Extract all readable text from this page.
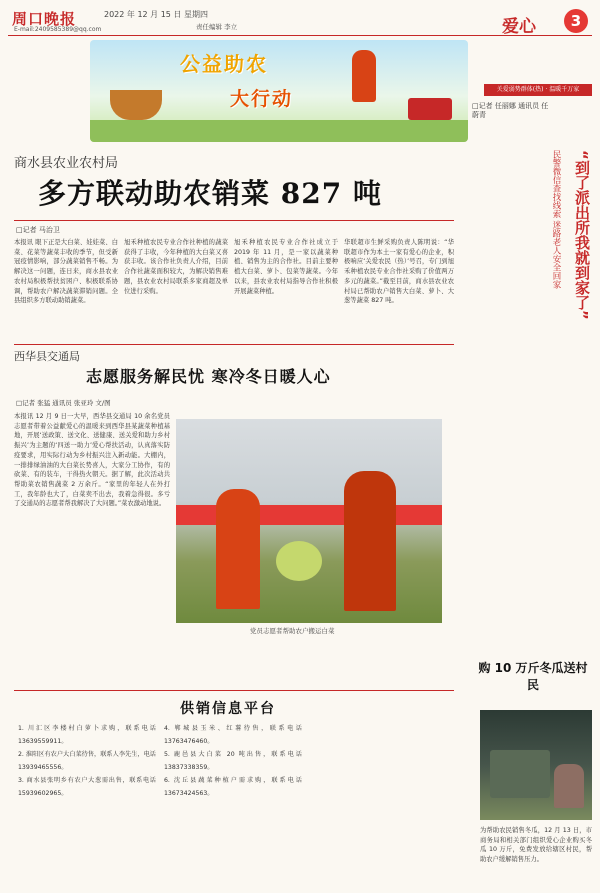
周口晚报	2022 年 12 月 15 日 星期四
E-mail:2409585389@qq.com	爱心	3
责任编辑 李立
公益助农
大行动	关爱弱势群体(热) · 温暖千万家
□记者 任丽娜 通讯员 任蔚青
商水县农业农村局
多方联动助农销菜 827 吨
□记者 马治卫
本报讯 眼下正是大白菜、娃娃菜、白菜、花菜等蔬菜丰收的季节，但受新冠疫情影响，部分蔬菜销售不畅。为解决这一问题，连日来，商水县农业农村局积极帮扶贫困户、积极联系协调，帮助农户解决蔬菜滞销问题。全县组织多方联动助销蔬菜。
旭禾种植农民专业合作社种植的蔬菜获得了丰收，今年种植的大白菜又喜获丰收。该合作社负责人介绍，目前合作社蔬菜面积较大，为解决销售难题，县农业农村局联系多家商超及单位进行采购。
旭禾种植农民专业合作社成立于 2019 年 11 月，是一家以蔬菜种植、销售为主的合作社。目前主要种植大白菜、萝卜、包菜等蔬菜。今年以来，县农业农村局指导合作社积极开展蔬菜种植。
华联超市生鲜采购负责人陈明说：“华联超市作为本土一家有爱心的企业，积极响应‘关爱农民（热）’号召，专门到旭禾种植农民专业合作社采购了价值两万多元的蔬菜。”截至目前，商水县农业农村局已帮助农户销售大白菜、萝卜、大葱等蔬菜 827 吨。
西华县交通局
志愿服务解民忧 寒冷冬日暖人心
□记者 张猛 通讯员 张亚玲 文/图
本报讯 12 月 9 日一大早，西华县交通局 10 余名党员志愿者带着公益献爱心的温暖来到西华县某蔬菜种植基地，开展‘送政策、送文化、送健康、送关爱和助力乡村振兴’为主题的‘四送一助力’爱心帮扶活动，认真落实防疫要求，用实际行动为乡村振兴注入新动能。大棚内，一排排绿油油的大白菜长势喜人，大家分工协作，有的砍菜、有的装车，干得热火朝天。据了解，此次活动共帮助菜农销售蔬菜 2 万余斤。“家里的年轻人在外打工，我年龄也大了，白菜卖不出去，我着急得很。多亏了交通局的志愿者帮我解决了大问题。”菜农激动地说。
党员志愿者帮助农户搬运白菜
供销信息平台
1. 川汇区李楼村白萝卜求购，联系电话 13639559911。
2. 淮阳区有农户大白菜待售，联系人李先生，电话 13939465556。
3. 商水县张明乡有农户大葱需出售，联系电话 15939602965。
4. 郸城县玉米、红薯待售，联系电话 13763476460。
5. 鹿邑县大白菜 20 吨出售，联系电话 13837338359。
6. 沈丘县蔬菜种植户需求购，联系电话 13673424563。
“到了派出所我就到家了”
民警微信查找线索 迷路老人安全回家
购 10 万斤冬瓜送村民
为帮助农民销售冬瓜，12 月 13 日，市商务局和相关部门组织爱心企业购买冬瓜 10 万斤，免费发放给辖区村民，帮助农户缓解销售压力。
